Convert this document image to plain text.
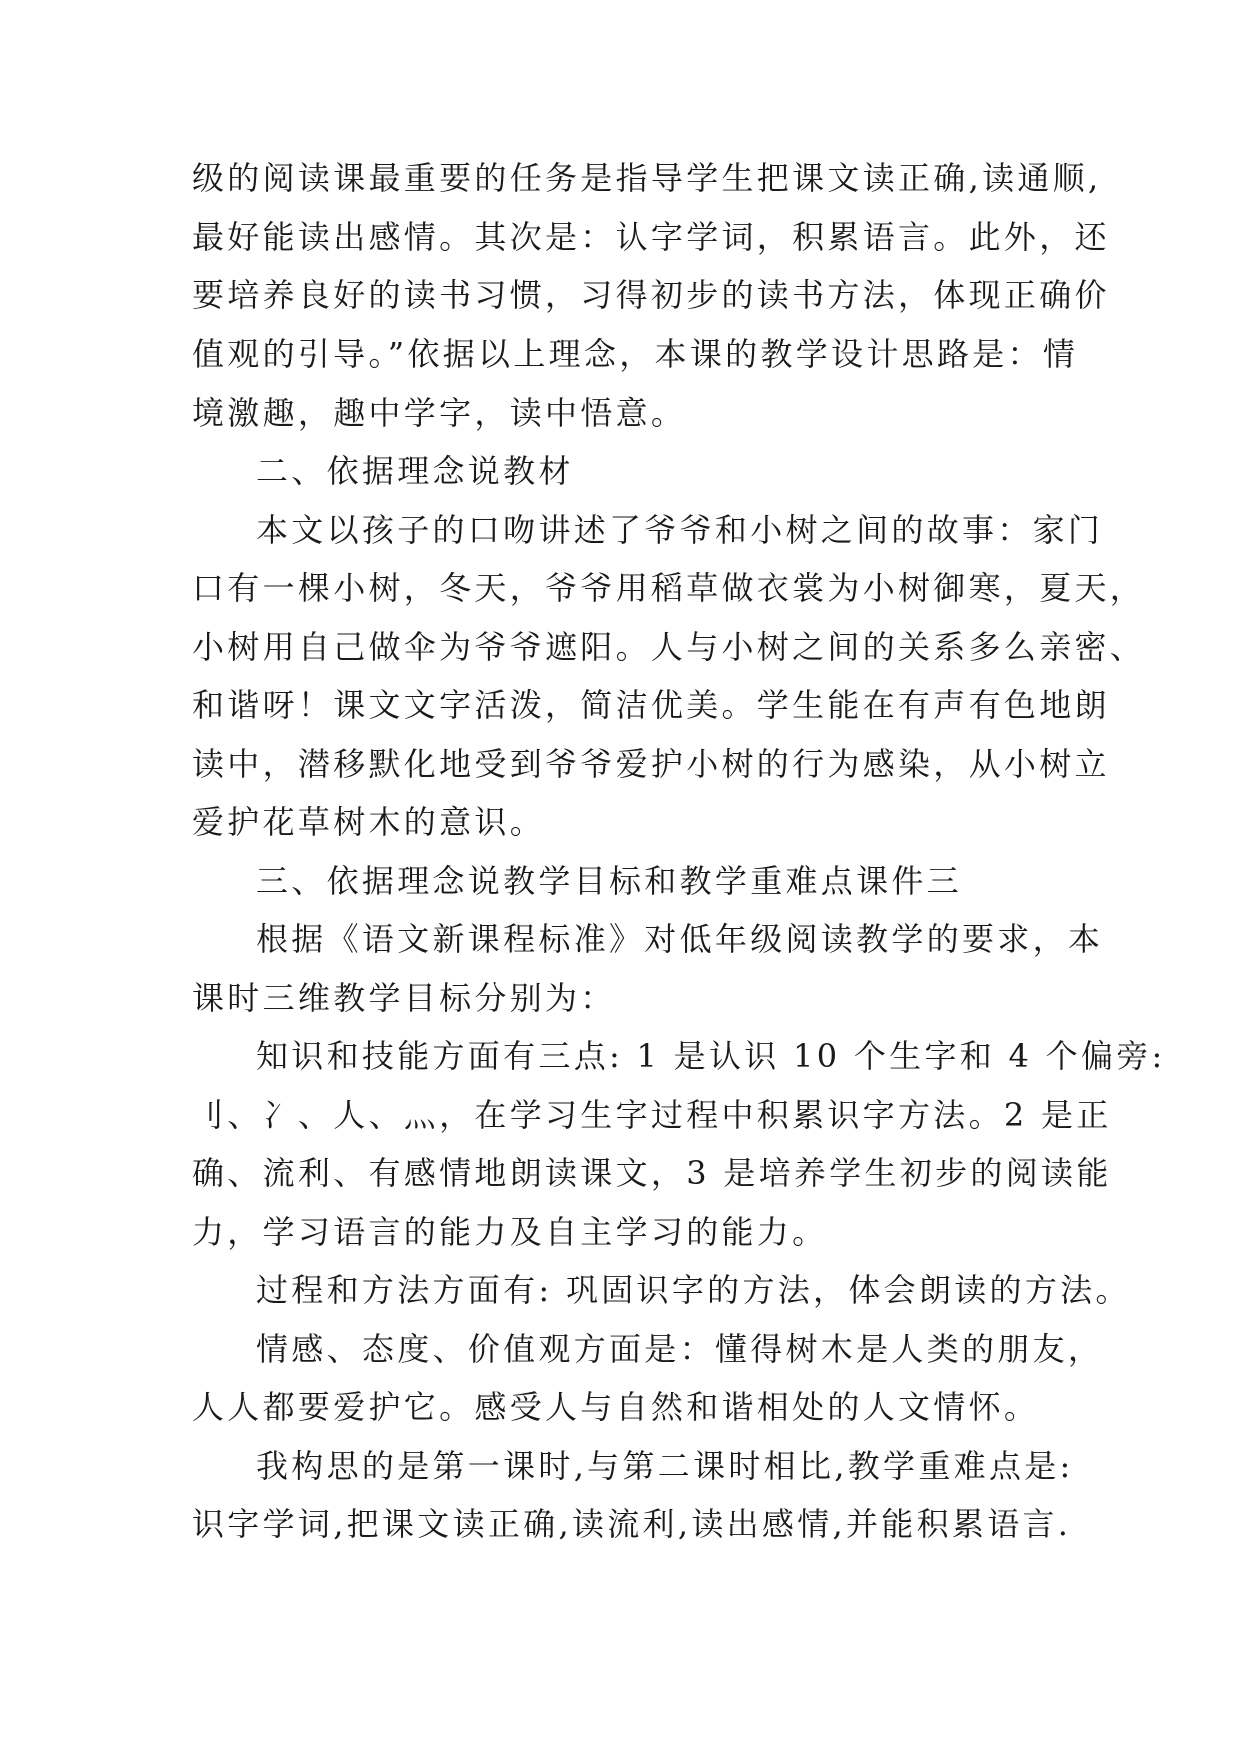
级的阅读课最重要的任务是指导学生把课文读正确,读通顺,
最好能读出感情。其次是：认字学词，积累语言。此外，还
要培养良好的读书习惯，习得初步的读书方法，体现正确价
值观的引导。”依据以上理念，本课的教学设计思路是：情
境激趣，趣中学字，读中悟意。
二、依据理念说教材
本文以孩子的口吻讲述了爷爷和小树之间的故事：家门
口有一棵小树，冬天，爷爷用稻草做衣裳为小树御寒，夏天，
小树用自己做伞为爷爷遮阳。人与小树之间的关系多么亲密、
和谐呀！课文文字活泼，简洁优美。学生能在有声有色地朗
读中，潜移默化地受到爷爷爱护小树的行为感染，从小树立
爱护花草树木的意识。
三、依据理念说教学目标和教学重难点课件三
根据《语文新课程标准》对低年级阅读教学的要求，本
课时三维教学目标分别为：
知识和技能方面有三点: 1 是认识 10 个生字和 4 个偏旁:
刂、冫、人、灬，在学习生字过程中积累识字方法。2 是正
确、流利、有感情地朗读课文，3 是培养学生初步的阅读能
力，学习语言的能力及自主学习的能力。
过程和方法方面有: 巩固识字的方法，体会朗读的方法。
情感、态度、价值观方面是：懂得树木是人类的朋友，
人人都要爱护它。感受人与自然和谐相处的人文情怀。
我构思的是第一课时,与第二课时相比,教学重难点是:
识字学词,把课文读正确,读流利,读出感情,并能积累语言.
